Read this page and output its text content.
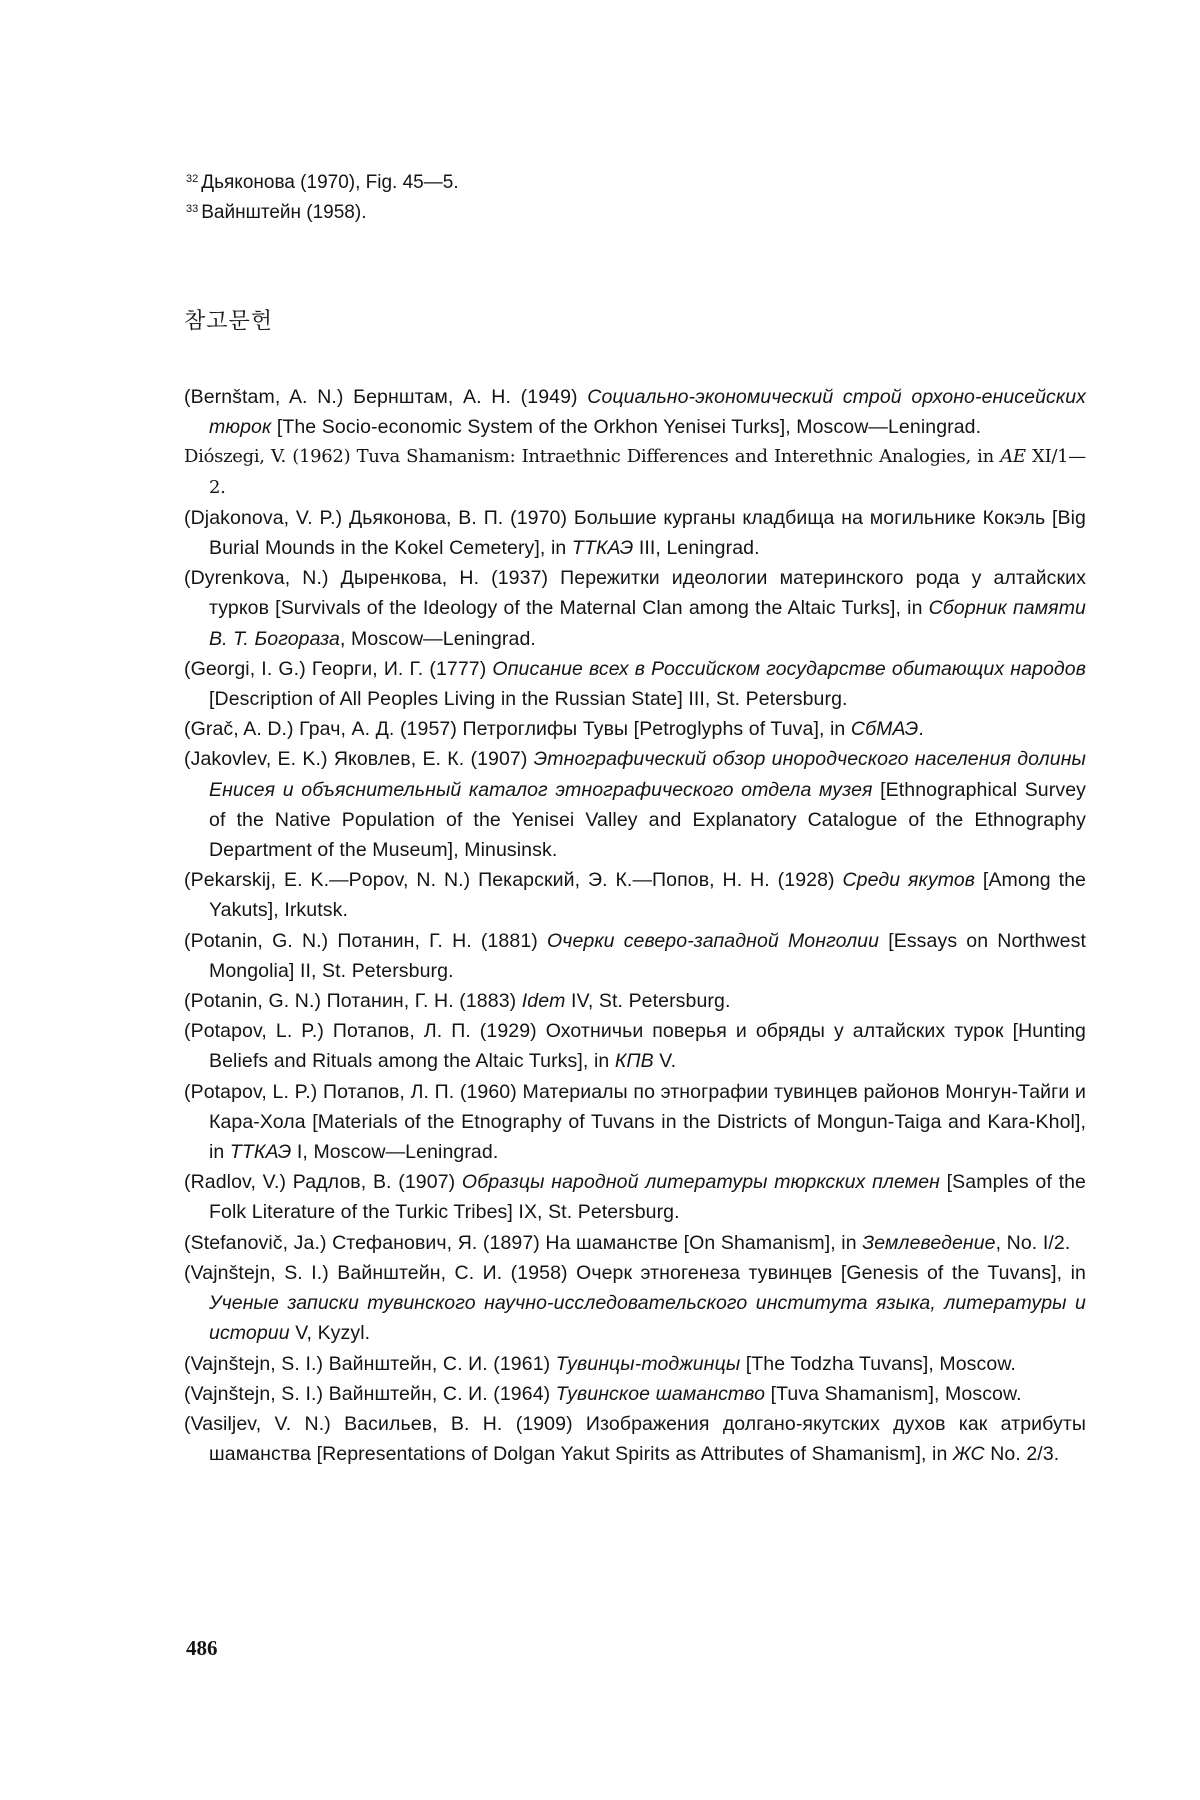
$^{32}$ Дьяконова (1970), Fig. 45—5.
$^{33}$ Вайнштейн (1958).
참고문헌

(Bernštam, A. N.) Бернштам, А. Н. (1949) Социально-экономический строй орхоно-енисейских тюрок [The Socio-economic System of the Orkhon Yenisei Turks], Moscow—Leningrad.

Diószegi, V. (1962) Tuva Shamanism: Intraethnic Differences and Interethnic Analogies, in AE XI/1—2.

(Djakonova, V. P.) Дьяконова, В. П. (1970) Большие курганы кладбища на могильнике Кокэль [Big Burial Mounds in the Kokel Cemetery], in ТТКАЭ III, Leningrad.

(Dyrenkova, N.) Дыренкова, Н. (1937) Пережитки идеологии материнского рода у алтайских турков [Survivals of the Ideology of the Maternal Clan among the Altaic Turks], in Сборник памяти В. Т. Богораза, Moscow—Leningrad.

(Georgi, I. G.) Георги, И. Г. (1777) Описание всех в Российском государстве обитающих народов [Description of All Peoples Living in the Russian State] III, St. Petersburg.

(Grač, A. D.) Грач, А. Д. (1957) Петроглифы Тувы [Petroglyphs of Tuva], in СбМАЭ.

(Jakovlev, E. K.) Яковлев, Е. К. (1907) Этнографический обзор инородческого населения долины Енисея и объяснительный каталог этнографического отдела музея [Ethnographical Survey of the Native Population of the Yenisei Valley and Explanatory Catalogue of the Ethnography Department of the Museum], Minusinsk.

(Pekarskij, E. K.—Popov, N. N.) Пекарский, Э. К.—Попов, Н. Н. (1928) Среди якутов [Among the Yakuts], Irkutsk.

(Potanin, G. N.) Потанин, Г. Н. (1881) Очерки северо-западной Монголии [Essays on Northwest Mongolia] II, St. Petersburg.

(Potanin, G. N.) Потанин, Г. Н. (1883) Idem IV, St. Petersburg.

(Potapov, L. P.) Потапов, Л. П. (1929) Охотничьи поверья и обряды у алтайских турок [Hunting Beliefs and Rituals among the Altaic Turks], in КПВ V.

(Potapov, L. P.) Потапов, Л. П. (1960) Материалы по этнографии тувинцев районов Монгун-Тайги и Кара-Хола [Materials of the Etnography of Tuvans in the Districts of Mongun-Taiga and Kara-Khol], in ТТКАЭ I, Moscow—Leningrad.

(Radlov, V.) Радлов, В. (1907) Образцы народной литературы тюркских племен [Samples of the Folk Literature of the Turkic Tribes] IX, St. Petersburg.

(Stefanovič, Ja.) Стефанович, Я. (1897) На шаманстве [On Shamanism], in Землеведение, No. I/2.

(Vajnštejn, S. I.) Вайнштейн, С. И. (1958) Очерк этногенеза тувинцев [Genesis of the Tuvans], in Ученые записки тувинского научно-исследовательского института языка, литературы и истории V, Kyzyl.

(Vajnštejn, S. I.) Вайнштейн, С. И. (1961) Тувинцы-тоджинцы [The Todzha Tuvans], Moscow.

(Vajnštejn, S. I.) Вайнштейн, С. И. (1964) Тувинское шаманство [Tuva Shamanism], Moscow.

(Vasiljev, V. N.) Васильев, В. Н. (1909) Изображения долгано-якутских духов как атрибуты шаманства [Representations of Dolgan Yakut Spirits as Attributes of Shamanism], in ЖС No. 2/3.

486
